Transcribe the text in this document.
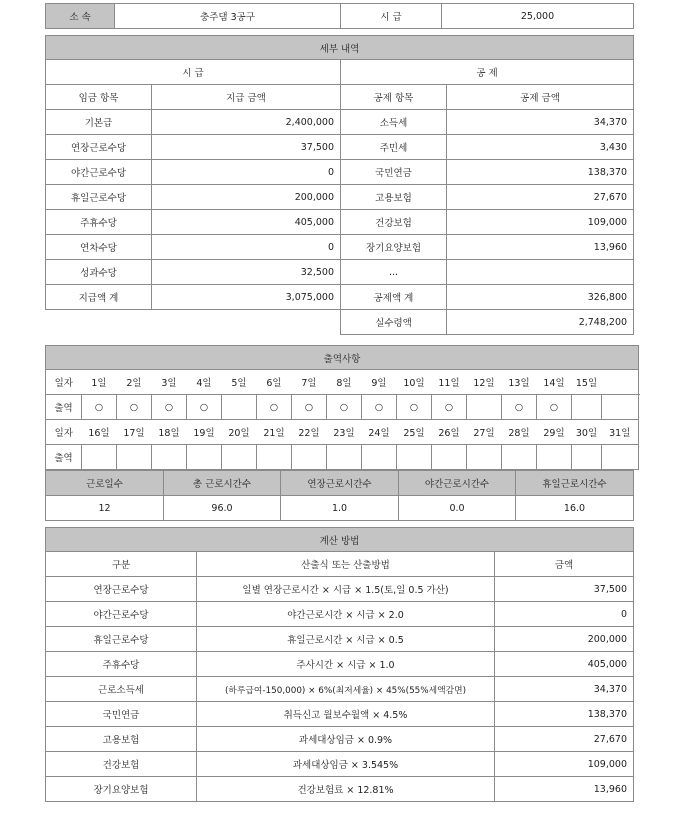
소 속	충주댐 3공구	시 급	25,000
세부 내역			
시 급		공 제	
임금 항목	지급 금액	공제 항목	공제 금액
기본급	2,400,000	소득세	34,370
연장근로수당	37,500	주민세	3,430
야간근로수당	0	국민연금	138,370
휴일근로수당	200,000	고용보험	27,670
주휴수당	405,000	건강보험	109,000
연차수당	0	장기요양보험	13,960
성과수당	32,500	...	
지급액 계	3,075,000	공제액 계	326,800
		실수령액	2,748,200
출역사항																
일자	1일	2일	3일	4일	5일	6일	7일	8일	9일	10일	11일	12일	13일	14일	15일	
출역	○	○	○	○		○	○	○	○	○	○		○	○		
일자	16일	17일	18일	19일	20일	21일	22일	23일	24일	25일	26일	27일	28일	29일	30일	31일
출역																
근로일수	총 근로시간수	연장근로시간수	야간근로시간수	휴일근로시간수
12	96.0	1.0	0.0	16.0
계산 방법		
구분	산출식 또는 산출방법	금액
연장근로수당	일별 연장근로시간 × 시급 × 1.5(토,일 0.5 가산)	37,500
야간근로수당	야간근로시간 × 시급 × 2.0	0
휴일근로수당	휴일근로시간 × 시급 × 0.5	200,000
주휴수당	주사시간 × 시급 × 1.0	405,000
근로소득세	(하루급여-150,000) × 6%(최저세율) × 45%(55%세액감면)	34,370
국민연금	취득신고 월보수월액 × 4.5%	138,370
고용보험	과세대상임금 × 0.9%	27,670
건강보험	과세대상임금 × 3.545%	109,000
장기요양보험	건강보험료 × 12.81%	13,960
